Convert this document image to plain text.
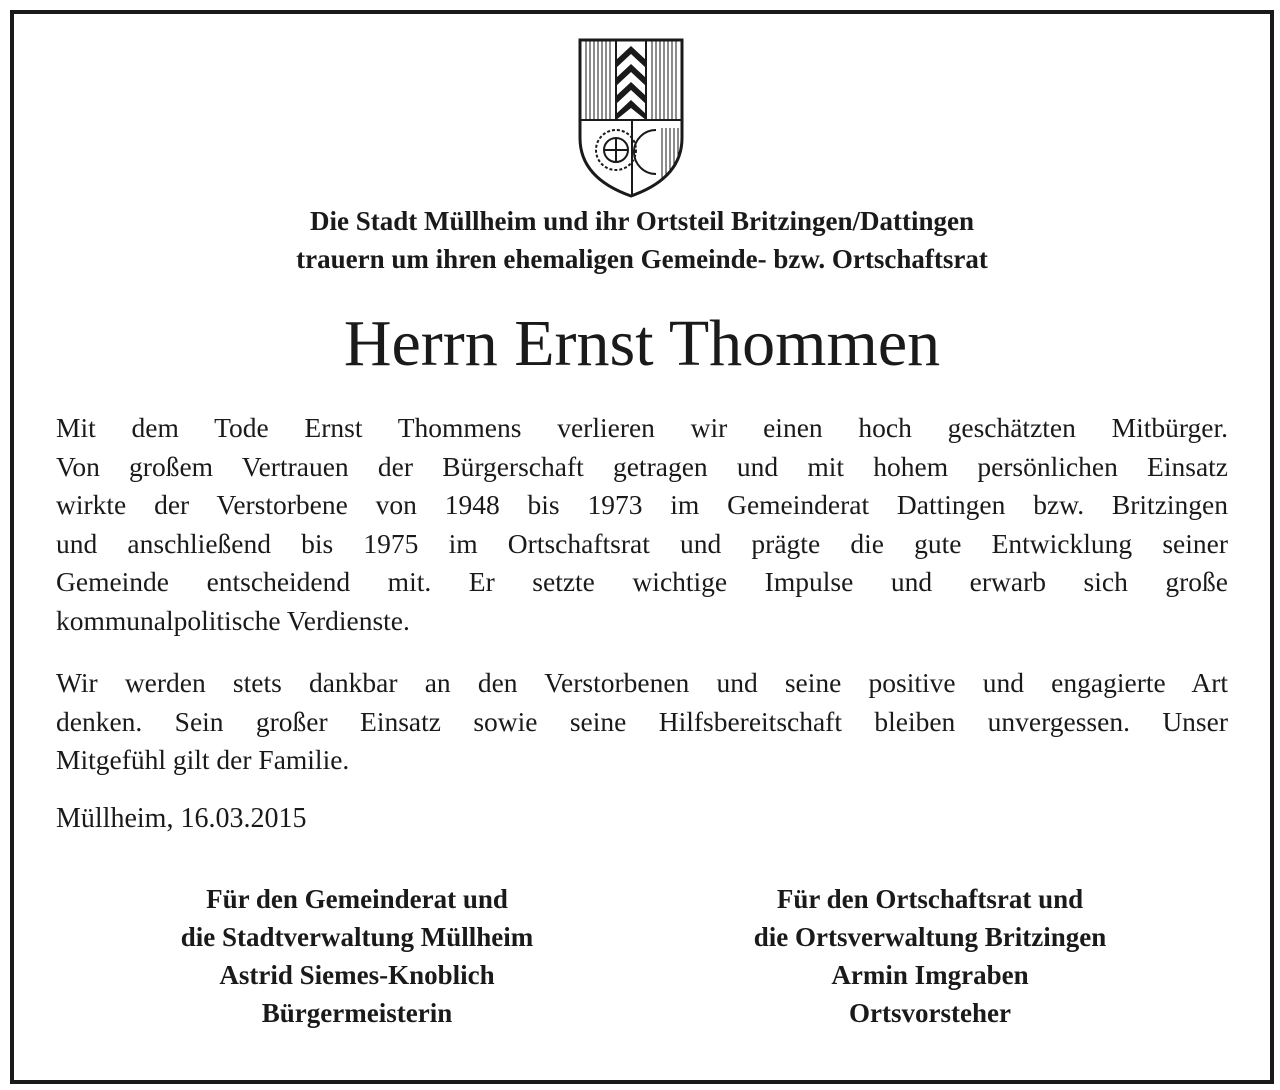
Die Stadt Müllheim und ihr Ortsteil Britzingen/Dattingen
trauern um ihren ehemaligen Gemeinde- bzw. Ortschaftsrat
Herrn Ernst Thommen

Mit dem Tode Ernst Thommens verlieren wir einen hoch geschätzten Mitbürger.
Von großem Vertrauen der Bürgerschaft getragen und mit hohem persönlichen Einsatz
wirkte der Verstorbene von 1948 bis 1973 im Gemeinderat Dattingen bzw. Britzingen
und anschließend bis 1975 im Ortschaftsrat und prägte die gute Entwicklung seiner
Gemeinde entscheidend mit. Er setzte wichtige Impulse und erwarb sich große
kommunalpolitische Verdienste.

Wir werden stets dankbar an den Verstorbenen und seine positive und engagierte Art
denken. Sein großer Einsatz sowie seine Hilfsbereitschaft bleiben unvergessen. Unser
Mitgefühl gilt der Familie.

Müllheim, 16.03.2015
Für den Gemeinderat und
die Stadtverwaltung Müllheim
Astrid Siemes-Knoblich
Bürgermeisterin
Für den Ortschaftsrat und
die Ortsverwaltung Britzingen
Armin Imgraben
Ortsvorsteher
